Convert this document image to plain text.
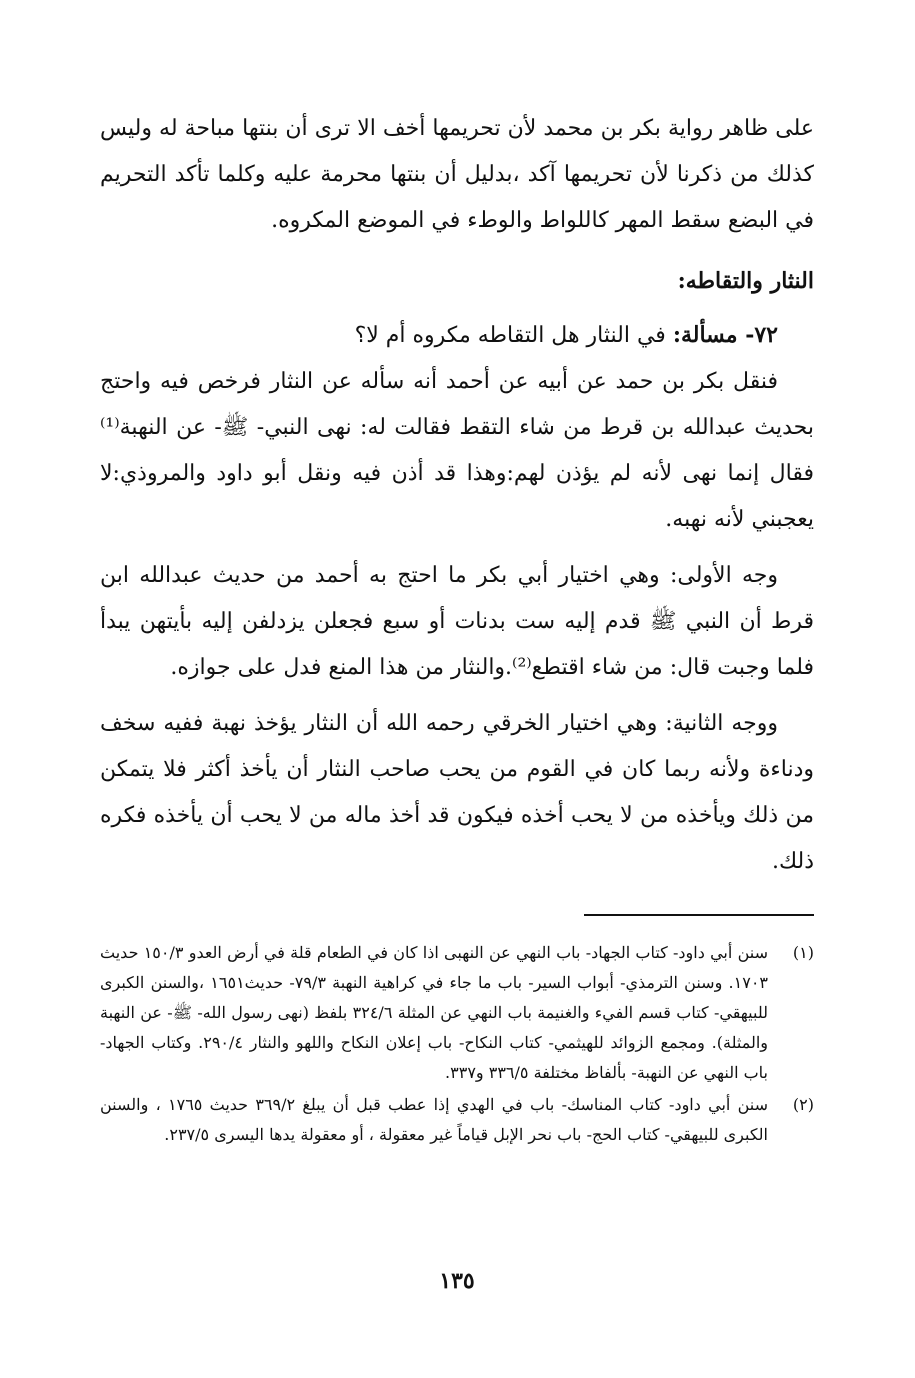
على ظاهر رواية بكر بن محمد لأن تحريمها أخف الا ترى أن بنتها مباحة له وليس كذلك من ذكرنا لأن تحريمها آكد ،بدليل أن بنتها محرمة عليه وكلما تأكد التحريم في البضع سقط المهر كاللواط والوطء في الموضع المكروه.

النثار والتقاطه:

٧٢- مسألة: في النثار هل التقاطه مكروه أم لا؟

فنقل بكر بن حمد عن أبيه عن أحمد أنه سأله عن النثار فرخص فيه واحتج بحديث عبدالله بن قرط من شاء التقط فقالت له: نهى النبي- ﷺ- عن النهبة⁽¹⁾ فقال إنما نهى لأنه لم يؤذن لهم:وهذا قد أذن فيه ونقل أبو داود والمروذي:لا يعجبني لأنه نهبه.

وجه الأولى: وهي اختيار أبي بكر ما احتج به أحمد من حديث عبدالله ابن قرط أن النبي ﷺ قدم إليه ست بدنات أو سبع فجعلن يزدلفن إليه بأيتهن يبدأ فلما وجبت قال: من شاء اقتطع⁽²⁾.والنثار من هذا المنع فدل على جوازه.

ووجه الثانية: وهي اختيار الخرقي رحمه الله أن النثار يؤخذ نهبة ففيه سخف ودناءة ولأنه ربما كان في القوم من يحب صاحب النثار أن يأخذ أكثر فلا يتمكن من ذلك ويأخذه من لا يحب أخذه فيكون قد أخذ ماله من لا يحب أن يأخذه فكره ذلك.

(١)

سنن أبي داود- كتاب الجهاد- باب النهي عن النهبى اذا كان في الطعام قلة في أرض العدو ١٥٠/٣ حديث ١٧٠٣. وسنن الترمذي- أبواب السير- باب ما جاء في كراهية النهبة ٧٩/٣- حديث١٦٥١ ،والسنن الكبرى للبيهقي- كتاب قسم الفيء والغنيمة باب النهي عن المثلة ٣٢٤/٦ بلفظ (نهى رسول الله- ﷺ- عن النهبة والمثلة). ومجمع الزوائد للهيثمي- كتاب النكاح- باب إعلان النكاح واللهو والنثار ٢٩٠/٤. وكتاب الجهاد- باب النهي عن النهبة- بألفاظ مختلفة ٣٣٦/٥ و٣٣٧.

(٢)

سنن أبي داود- كتاب المناسك- باب في الهدي إذا عطب قبل أن يبلغ ٣٦٩/٢ حديث ١٧٦٥ ، والسنن الكبرى للبيهقي- كتاب الحج- باب نحر الإبل قياماً غير معقولة ، أو معقولة يدها اليسرى ٢٣٧/٥.

١٣٥
